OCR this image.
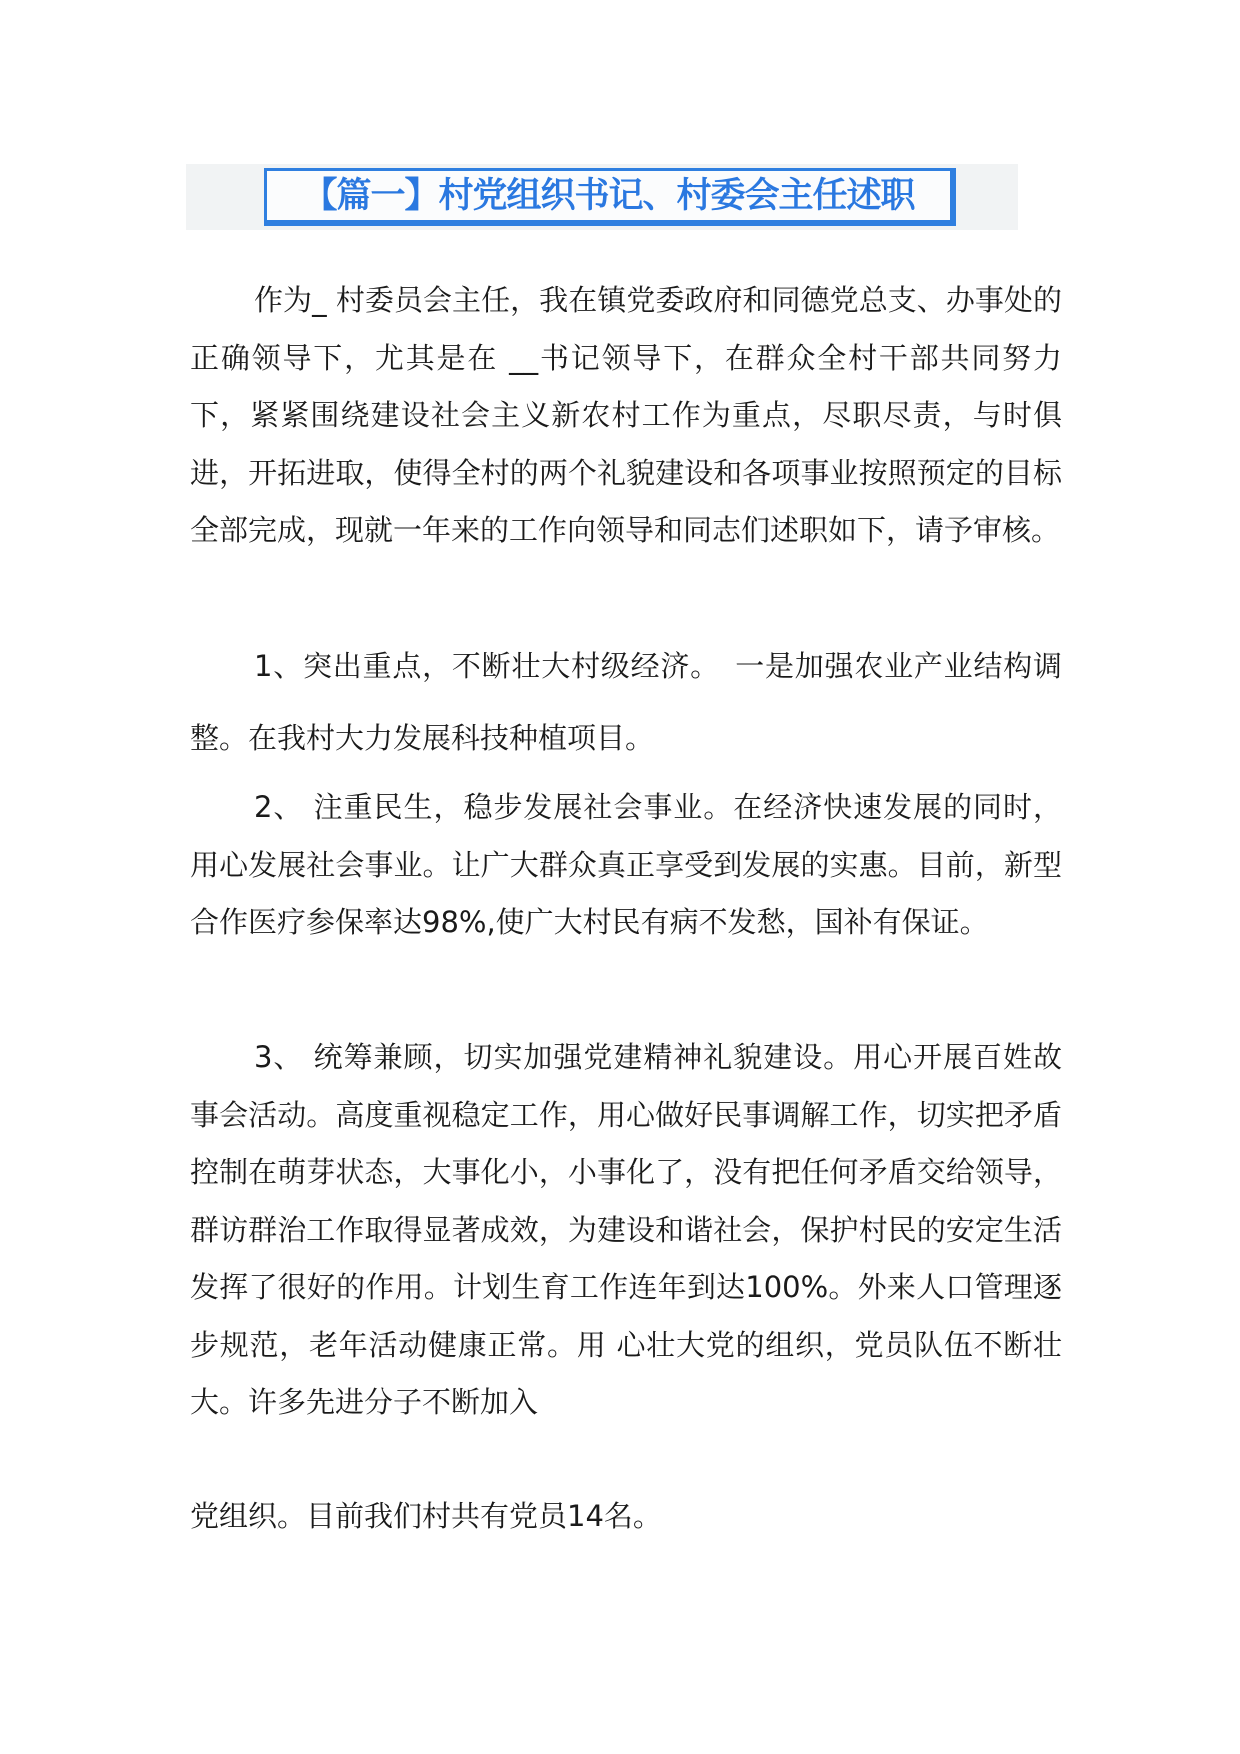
【篇一】村党组织书记、村委会主任述职

作为_ 村委员会主任，我在镇党委政府和同德党总支、办事处的正确领导下，尤其是在 __书记领导下，在群众全村干部共同努力下，紧紧围绕建设社会主义新农村工作为重点，尽职尽责，与时俱进，开拓进取，使得全村的两个礼貌建设和各项事业按照预定的目标全部完成，现就一年来的工作向领导和同志们述职如下，请予审核。

1、突出重点，不断壮大村级经济。　一是加强农业产业结构调整。在我村大力发展科技种植项目。

2、 注重民生，稳步发展社会事业。在经济快速发展的同时，用心发展社会事业。让广大群众真正享受到发展的实惠。目前，新型合作医疗参保率达98%,使广大村民有病不发愁，国补有保证。

3、 统筹兼顾，切实加强党建精神礼貌建设。用心开展百姓故事会活动。高度重视稳定工作，用心做好民事调解工作，切实把矛盾控制在萌芽状态，大事化小，小事化了，没有把任何矛盾交给领导，群访群治工作取得显著成效，为建设和谐社会，保护村民的安定生活发挥了很好的作用。计划生育工作连年到达100%。外来人口管理逐步规范，老年活动健康正常。用 心壮大党的组织，党员队伍不断壮大。许多先进分子不断加入

党组织。目前我们村共有党员14名。
